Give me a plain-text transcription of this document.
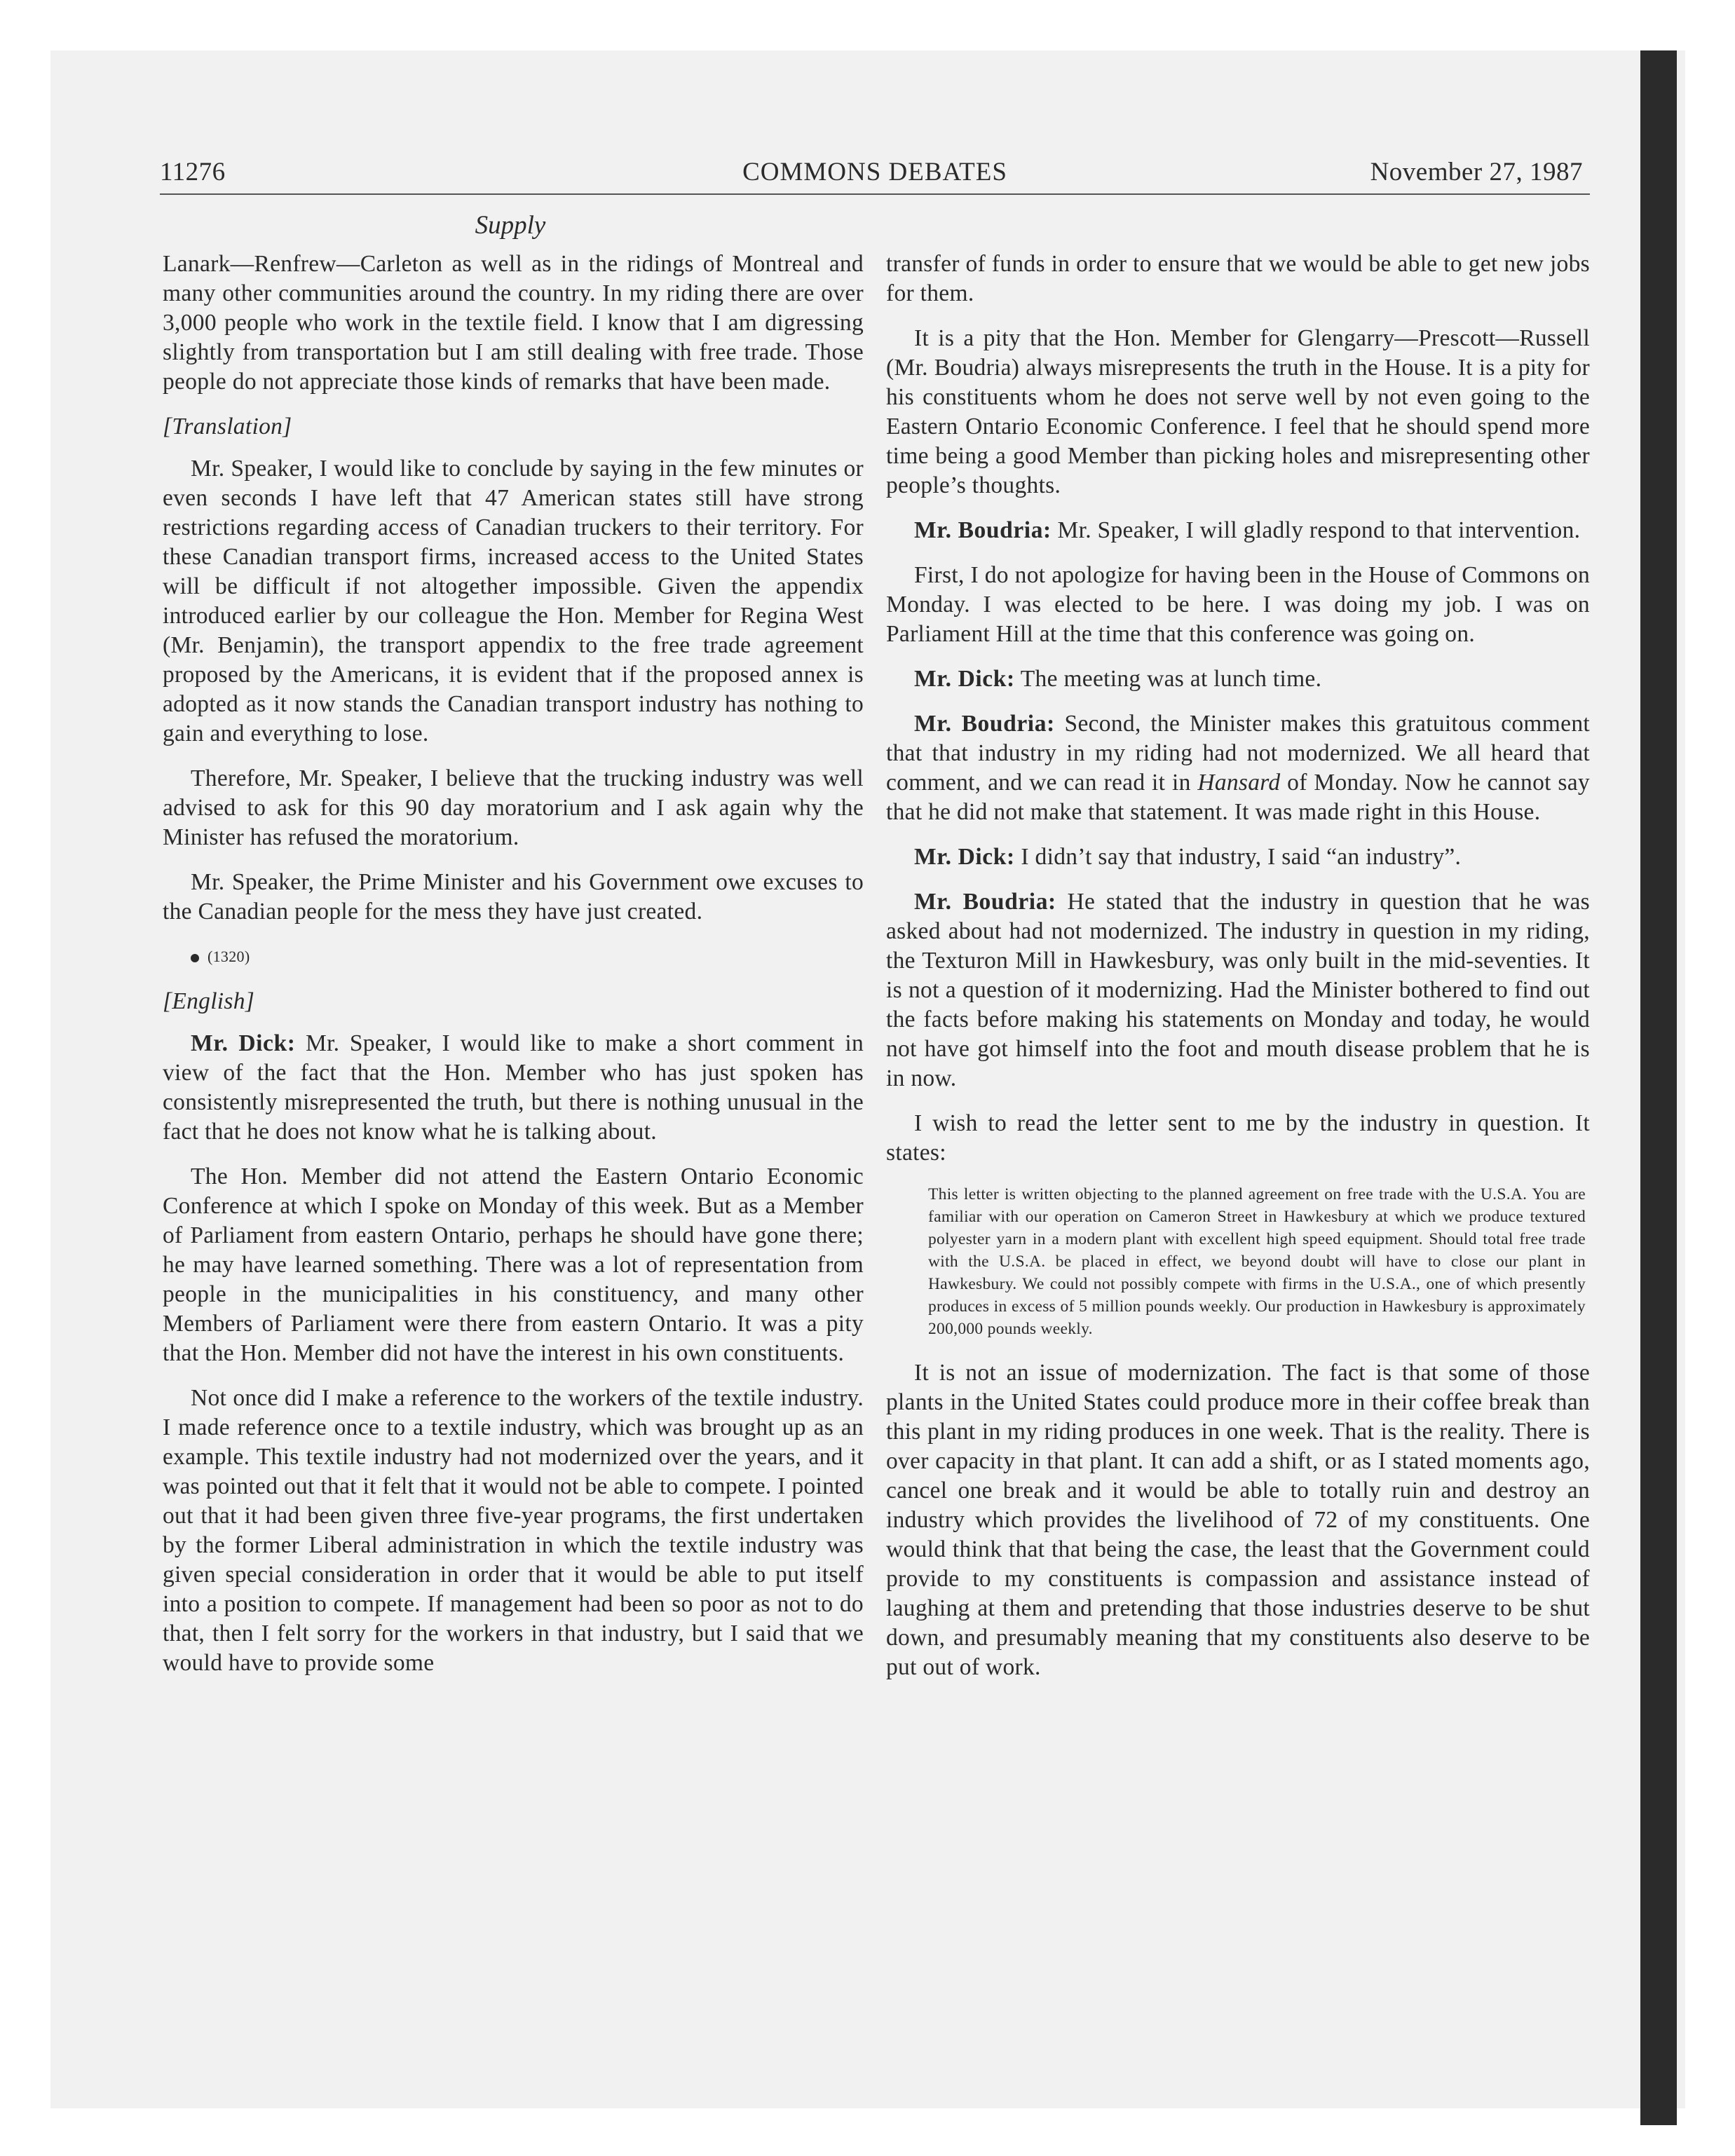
11276	COMMONS DEBATES	November 27, 1987
Supply

Lanark—Renfrew—Carleton as well as in the ridings of Montreal and many other communities around the country. In my riding there are over 3,000 people who work in the textile field. I know that I am digressing slightly from transportation but I am still dealing with free trade. Those people do not appreciate those kinds of remarks that have been made.

[Translation]

Mr. Speaker, I would like to conclude by saying in the few minutes or even seconds I have left that 47 American states still have strong restrictions regarding access of Canadian truckers to their territory. For these Canadian transport firms, increased access to the United States will be difficult if not altogether impossible. Given the appendix introduced earlier by our colleague the Hon. Member for Regina West (Mr. Benjamin), the transport appendix to the free trade agreement proposed by the Americans, it is evident that if the proposed annex is adopted as it now stands the Canadian transport industry has nothing to gain and everything to lose.

Therefore, Mr. Speaker, I believe that the trucking industry was well advised to ask for this 90 day moratorium and I ask again why the Minister has refused the moratorium.

Mr. Speaker, the Prime Minister and his Government owe excuses to the Canadian people for the mess they have just created.

(1320)

[English]

Mr. Dick: Mr. Speaker, I would like to make a short comment in view of the fact that the Hon. Member who has just spoken has consistently misrepresented the truth, but there is nothing unusual in the fact that he does not know what he is talking about.

The Hon. Member did not attend the Eastern Ontario Economic Conference at which I spoke on Monday of this week. But as a Member of Parliament from eastern Ontario, perhaps he should have gone there; he may have learned something. There was a lot of representation from people in the municipalities in his constituency, and many other Members of Parliament were there from eastern Ontario. It was a pity that the Hon. Member did not have the interest in his own constituents.

Not once did I make a reference to the workers of the textile industry. I made reference once to a textile industry, which was brought up as an example. This textile industry had not modernized over the years, and it was pointed out that it felt that it would not be able to compete. I pointed out that it had been given three five-year programs, the first undertaken by the former Liberal administration in which the textile industry was given special consideration in order that it would be able to put itself into a position to compete. If management had been so poor as not to do that, then I felt sorry for the workers in that industry, but I said that we would have to provide some

transfer of funds in order to ensure that we would be able to get new jobs for them.

It is a pity that the Hon. Member for Glengarry—Prescott—Russell (Mr. Boudria) always misrepresents the truth in the House. It is a pity for his constituents whom he does not serve well by not even going to the Eastern Ontario Economic Conference. I feel that he should spend more time being a good Member than picking holes and misrepresenting other people’s thoughts.

Mr. Boudria: Mr. Speaker, I will gladly respond to that intervention.

First, I do not apologize for having been in the House of Commons on Monday. I was elected to be here. I was doing my job. I was on Parliament Hill at the time that this conference was going on.

Mr. Dick: The meeting was at lunch time.

Mr. Boudria: Second, the Minister makes this gratuitous comment that that industry in my riding had not modernized. We all heard that comment, and we can read it in Hansard of Monday. Now he cannot say that he did not make that statement. It was made right in this House.

Mr. Dick: I didn’t say that industry, I said “an industry”.

Mr. Boudria: He stated that the industry in question that he was asked about had not modernized. The industry in question in my riding, the Texturon Mill in Hawkesbury, was only built in the mid-seventies. It is not a question of it modernizing. Had the Minister bothered to find out the facts before making his statements on Monday and today, he would not have got himself into the foot and mouth disease problem that he is in now.

I wish to read the letter sent to me by the industry in question. It states:

This letter is written objecting to the planned agreement on free trade with the U.S.A. You are familiar with our operation on Cameron Street in Hawkesbury at which we produce textured polyester yarn in a modern plant with excellent high speed equipment. Should total free trade with the U.S.A. be placed in effect, we beyond doubt will have to close our plant in Hawkesbury. We could not possibly compete with firms in the U.S.A., one of which presently produces in excess of 5 million pounds weekly. Our production in Hawkesbury is approximately 200,000 pounds weekly.

It is not an issue of modernization. The fact is that some of those plants in the United States could produce more in their coffee break than this plant in my riding produces in one week. That is the reality. There is over capacity in that plant. It can add a shift, or as I stated moments ago, cancel one break and it would be able to totally ruin and destroy an industry which provides the livelihood of 72 of my constituents. One would think that that being the case, the least that the Government could provide to my constituents is compassion and assistance instead of laughing at them and pretending that those industries deserve to be shut down, and presumably meaning that my constituents also deserve to be put out of work.
